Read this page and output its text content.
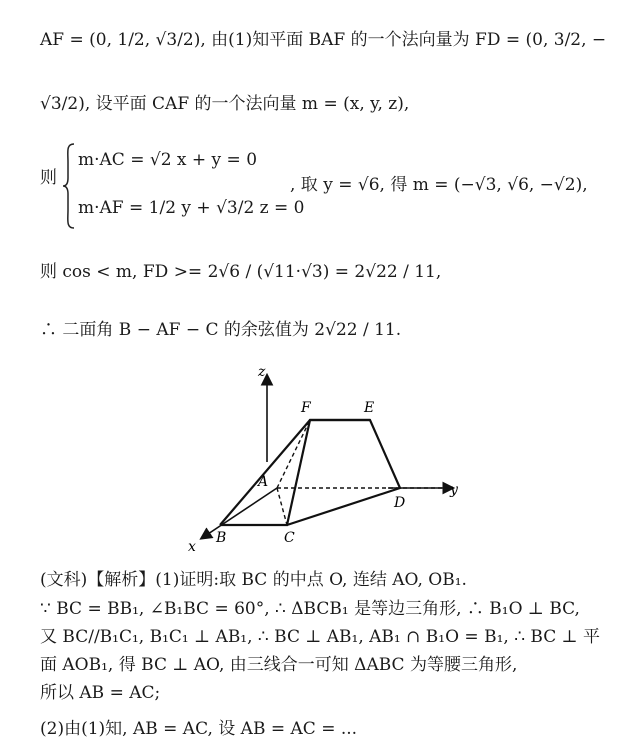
AF = (0, 1/2, √3/2), 由(1)知平面 BAF 的一个法向量为 FD = (0, 3/2, −
√3/2), 设平面 CAF 的一个法向量 m = (x, y, z),
则
m·AC = √2 x + y = 0
m·AF = 1/2 y + √3/2 z = 0
, 取 y = √6, 得 m = (−√3, √6, −√2),
则 cos < m, FD >= 2√6 / (√11·√3) = 2√22 / 11,
∴ 二面角 B − AF − C 的余弦值为 2√22 / 11.
z
y
x
F	E
A
D
B	C
(文科)【解析】(1)证明:取 BC 的中点 O, 连结 AO, OB₁.
∵ BC = BB₁, ∠B₁BC = 60°, ∴ ΔBCB₁ 是等边三角形, ∴ B₁O ⊥ BC,
又 BC//B₁C₁, B₁C₁ ⊥ AB₁, ∴ BC ⊥ AB₁, AB₁ ∩ B₁O = B₁, ∴ BC ⊥ 平
面 AOB₁, 得 BC ⊥ AO, 由三线合一可知 ΔABC 为等腰三角形,
所以 AB = AC;
(2)由(1)知, AB = AC, 设 AB = AC = ...
